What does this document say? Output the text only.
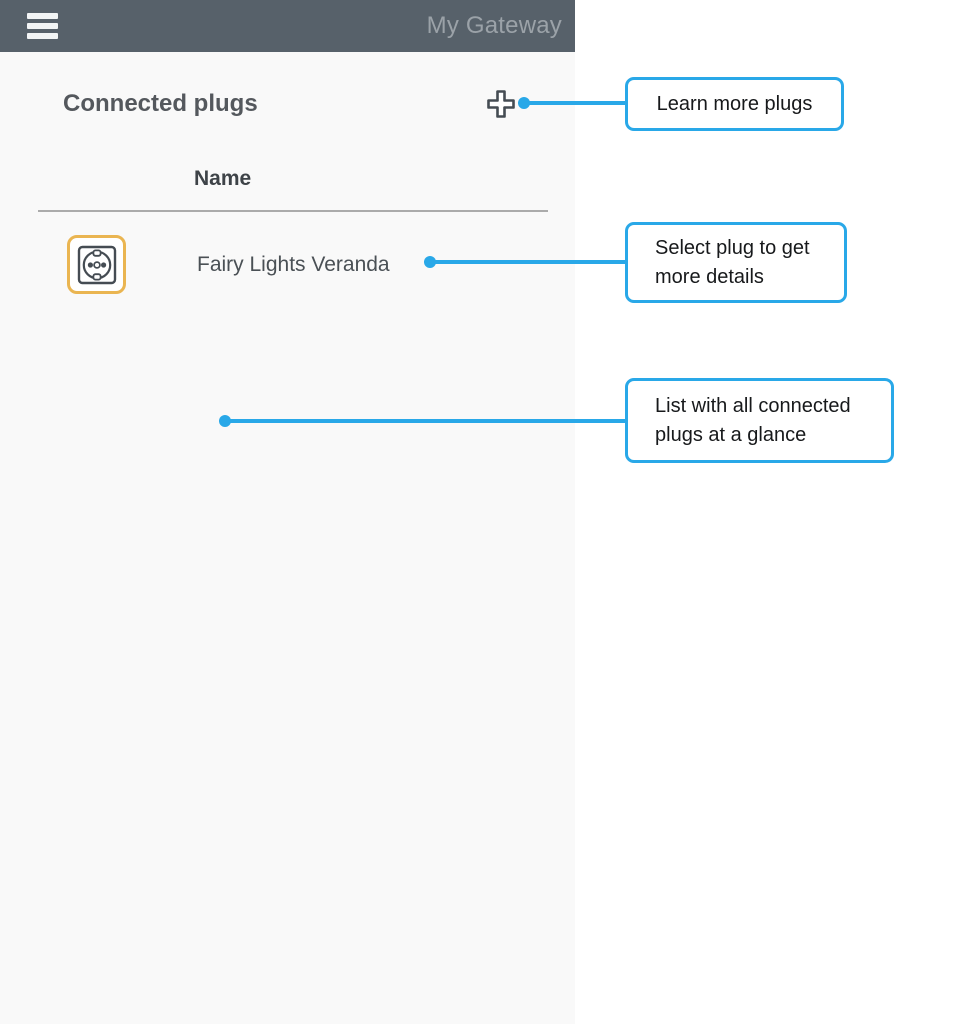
My Gateway
Connected plugs
Name
Fairy Lights Veranda
Learn more plugs
Select plug to get more details
List with all connected plugs at a glance
